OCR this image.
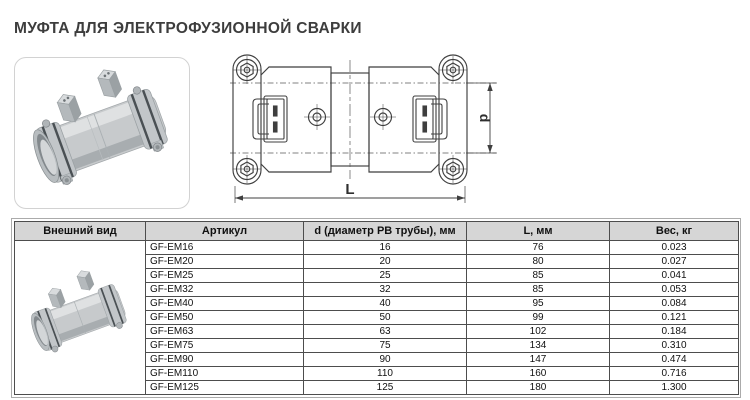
МУФТА ДЛЯ ЭЛЕКТРОФУЗИОННОЙ СВАРКИ
d
L
Внешний вид	Артикул	d (диаметр PB трубы), мм	L, мм	Вес, кг
	GF-EM16	16	76	0.023
	GF-EM20	20	80	0.027
	GF-EM25	25	85	0.041
	GF-EM32	32	85	0.053
	GF-EM40	40	95	0.084
	GF-EM50	50	99	0.121
	GF-EM63	63	102	0.184
	GF-EM75	75	134	0.310
	GF-EM90	90	147	0.474
	GF-EM110	110	160	0.716
	GF-EM125	125	180	1.300
